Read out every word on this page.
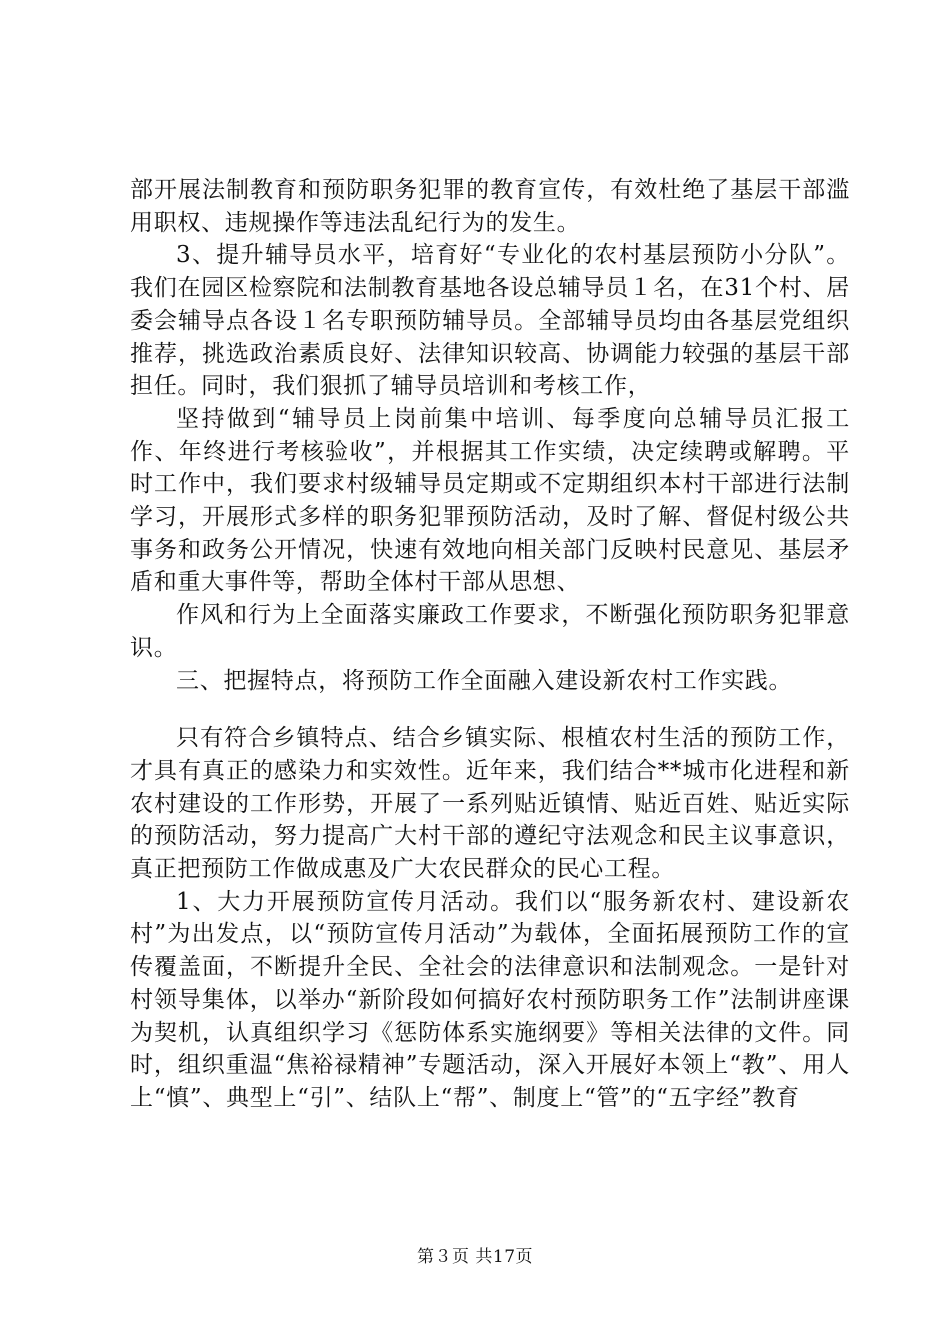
部开展法制教育和预防职务犯罪的教育宣传，有效杜绝了基层干部滥用职权、违规操作等违法乱纪行为的发生。

3、提升辅导员水平，培育好“专业化的农村基层预防小分队”。我们在园区检察院和法制教育基地各设总辅导员１名，在31个村、居委会辅导点各设１名专职预防辅导员。全部辅导员均由各基层党组织推荐，挑选政治素质良好、法律知识较高、协调能力较强的基层干部担任。同时，我们狠抓了辅导员培训和考核工作，

坚持做到“辅导员上岗前集中培训、每季度向总辅导员汇报工作、年终进行考核验收”，并根据其工作实绩，决定续聘或解聘。平时工作中，我们要求村级辅导员定期或不定期组织本村干部进行法制学习，开展形式多样的职务犯罪预防活动，及时了解、督促村级公共事务和政务公开情况，快速有效地向相关部门反映村民意见、基层矛盾和重大事件等，帮助全体村干部从思想、

作风和行为上全面落实廉政工作要求，不断强化预防职务犯罪意识。

三、把握特点，将预防工作全面融入建设新农村工作实践。

只有符合乡镇特点、结合乡镇实际、根植农村生活的预防工作，才具有真正的感染力和实效性。近年来，我们结合**城市化进程和新农村建设的工作形势，开展了一系列贴近镇情、贴近百姓、贴近实际的预防活动，努力提高广大村干部的遵纪守法观念和民主议事意识，真正把预防工作做成惠及广大农民群众的民心工程。

1、大力开展预防宣传月活动。我们以“服务新农村、建设新农村”为出发点，以“预防宣传月活动”为载体，全面拓展预防工作的宣传覆盖面，不断提升全民、全社会的法律意识和法制观念。一是针对村领导集体，以举办“新阶段如何搞好农村预防职务工作”法制讲座课为契机，认真组织学习《惩防体系实施纲要》等相关法律的文件。同时，组织重温“焦裕禄精神”专题活动，深入开展好本领上“教”、用人上“慎”、典型上“引”、结队上“帮”、制度上“管”的“五字经”教育

第３页 共17页
